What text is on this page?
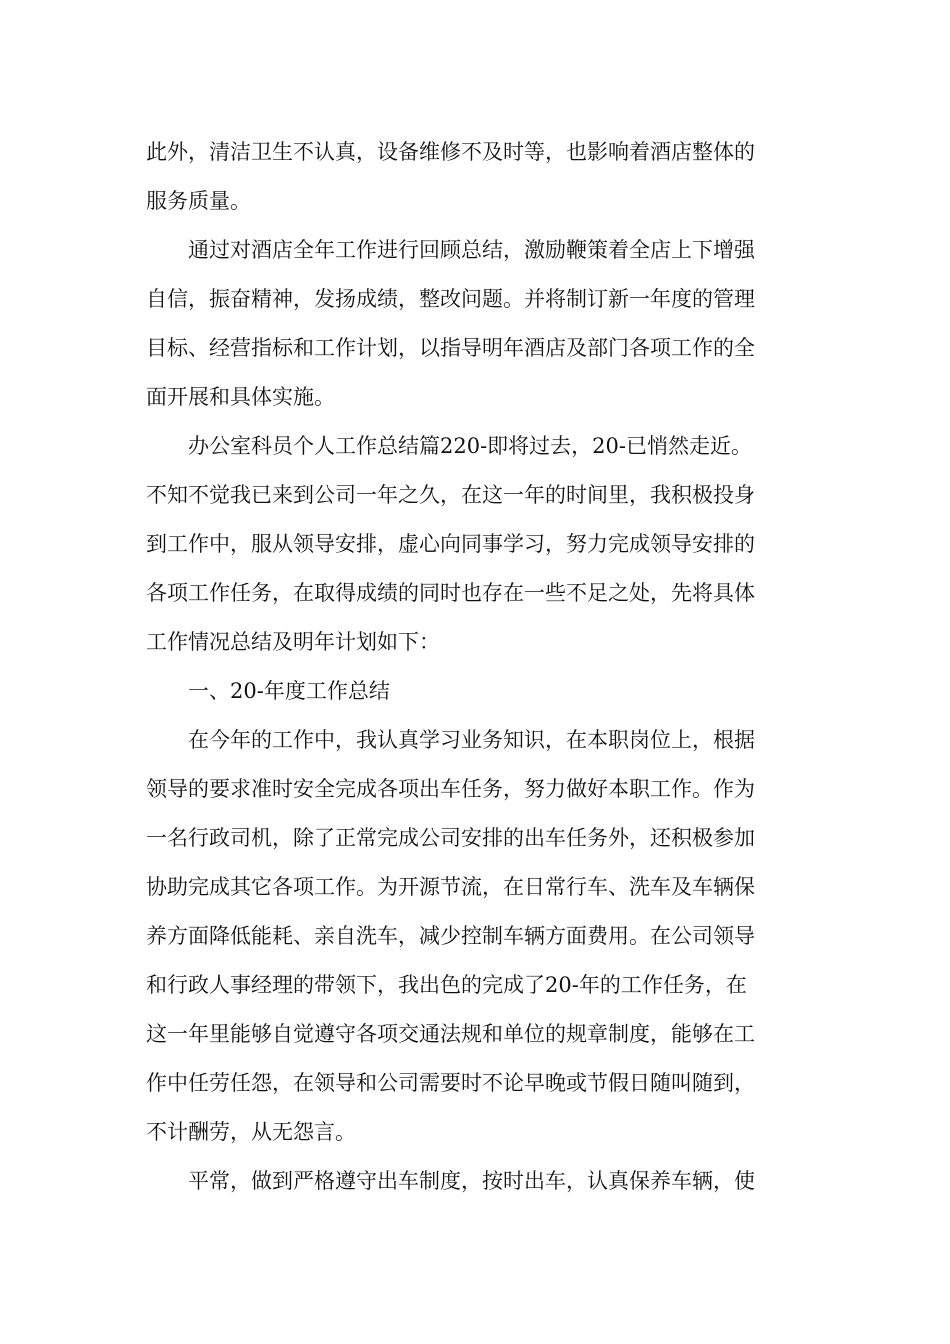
此外，清洁卫生不认真，设备维修不及时等，也影响着酒店整体的
服务质量。
通过对酒店全年工作进行回顾总结，激励鞭策着全店上下增强
自信，振奋精神，发扬成绩，整改问题。并将制订新一年度的管理
目标、经营指标和工作计划，以指导明年酒店及部门各项工作的全
面开展和具体实施。
办公室科员个人工作总结篇220-即将过去，20-已悄然走近。
不知不觉我已来到公司一年之久，在这一年的时间里，我积极投身
到工作中，服从领导安排，虚心向同事学习，努力完成领导安排的
各项工作任务，在取得成绩的同时也存在一些不足之处，先将具体
工作情况总结及明年计划如下：
一、20-年度工作总结
在今年的工作中，我认真学习业务知识，在本职岗位上，根据
领导的要求准时安全完成各项出车任务，努力做好本职工作。作为
一名行政司机，除了正常完成公司安排的出车任务外，还积极参加
协助完成其它各项工作。为开源节流，在日常行车、洗车及车辆保
养方面降低能耗、亲自洗车，减少控制车辆方面费用。在公司领导
和行政人事经理的带领下，我出色的完成了20-年的工作任务，在
这一年里能够自觉遵守各项交通法规和单位的规章制度，能够在工
作中任劳任怨，在领导和公司需要时不论早晚或节假日随叫随到，
不计酬劳，从无怨言。
平常，做到严格遵守出车制度，按时出车，认真保养车辆，使
